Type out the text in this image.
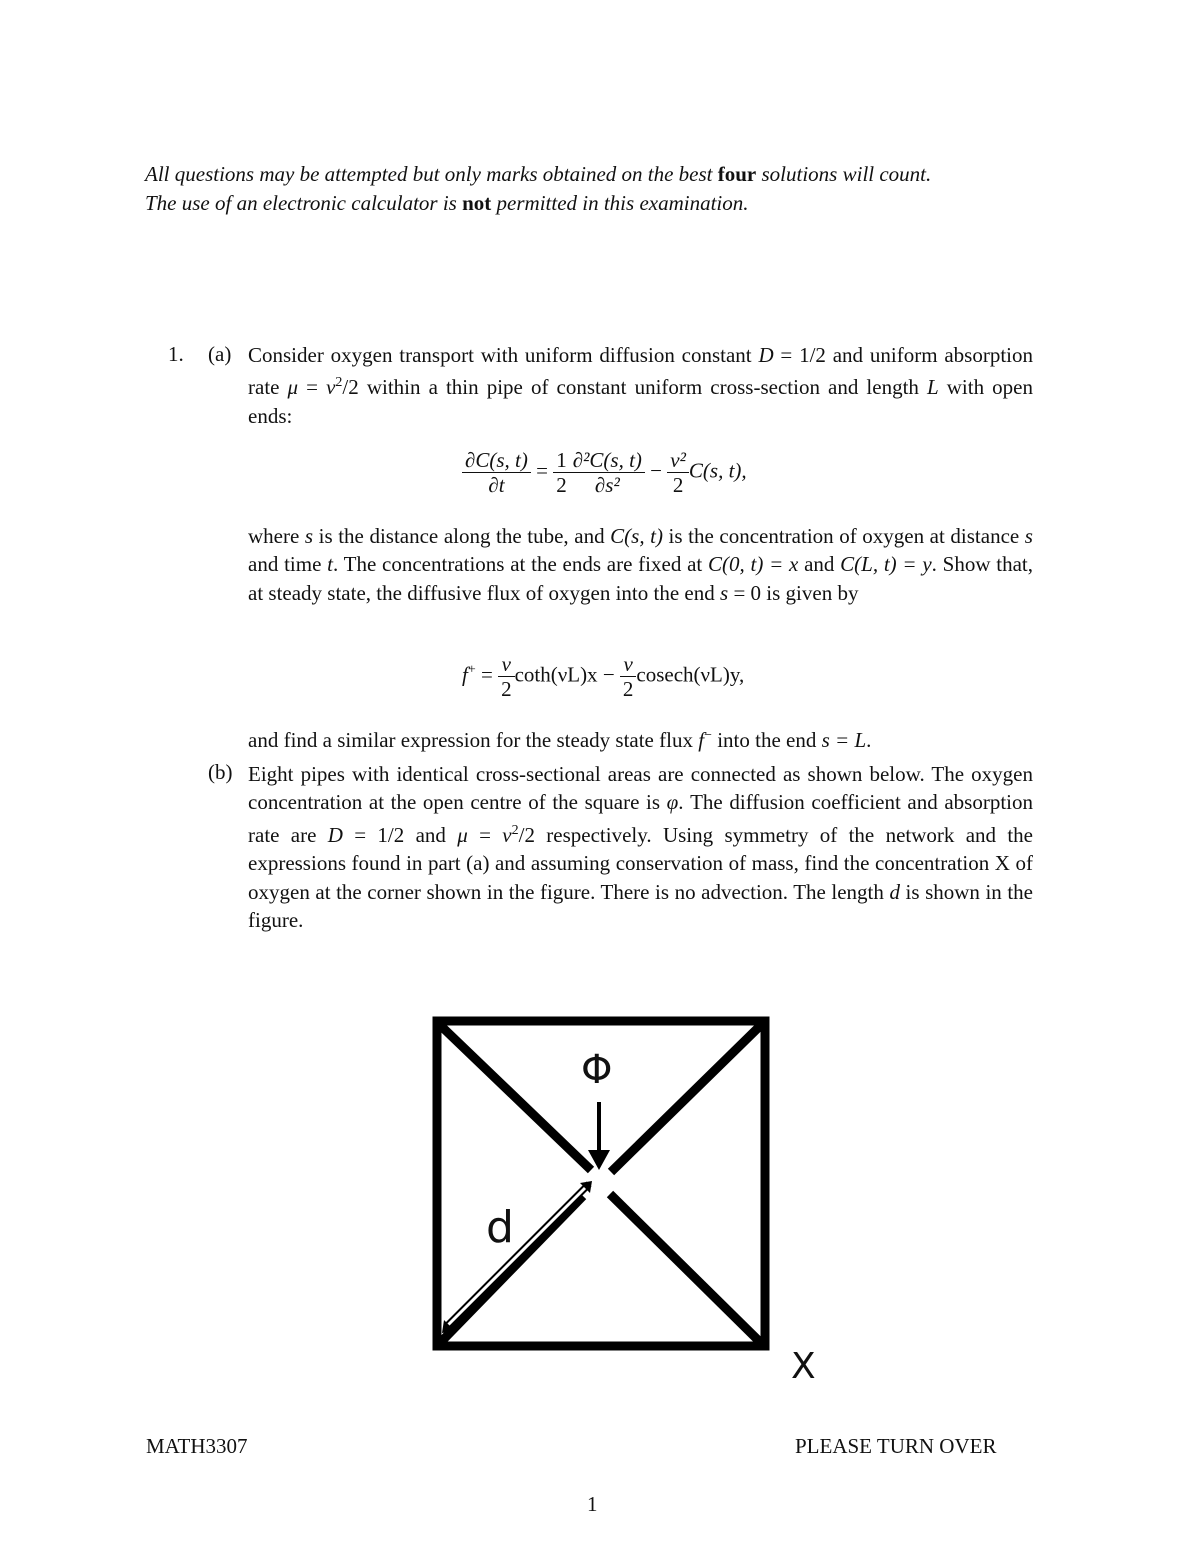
All questions may be attempted but only marks obtained on the best four solutions will count.
The use of an electronic calculator is not permitted in this examination.
1. (a)
(b)
Consider oxygen transport with uniform diffusion constant D = 1/2 and uniform absorption rate $\mu = \nu^2/2$ within a thin pipe of constant uniform cross-section and length L with open ends:
$\frac{\partial C(s, t)}{\partial t} = \frac{1}{2} \frac{\text{∂²C(s, t)}}{\text{∂s²}} - \frac{\text{ν²}}{2} C(s$, t),
where s is the distance along the tube, and C(s, t) is the concentration of oxygen at distance s and time t. The concentrations at the ends are fixed at C(0, t) = x and C(L, t) = y. Show that, at steady state, the diffusive flux of oxygen into the end s = 0 is given by
$f^+ = \frac{\nu}{2} \cot h(\nu L)x - \frac{\nu}{2} cosech(\nu L)y$,
and find a similar expression for the steady state flux f− into the end s = L.
Eight pipes with identical cross-sectional areas are connected as shown below. The oxygen concentration at the open centre of the square is φ. The diffusion coefficient and absorption rate are D = 1/2 and $\mu = \nu^2/2$ respectively. Using symmetry of the network and the expressions found in part (a) and assuming conservation of mass, find the concentration X of oxygen at the corner shown in the figure. There is no advection. The length d is shown in the figure.
Φ
d
X
MATH3307	PLEASE TURN OVER
1
